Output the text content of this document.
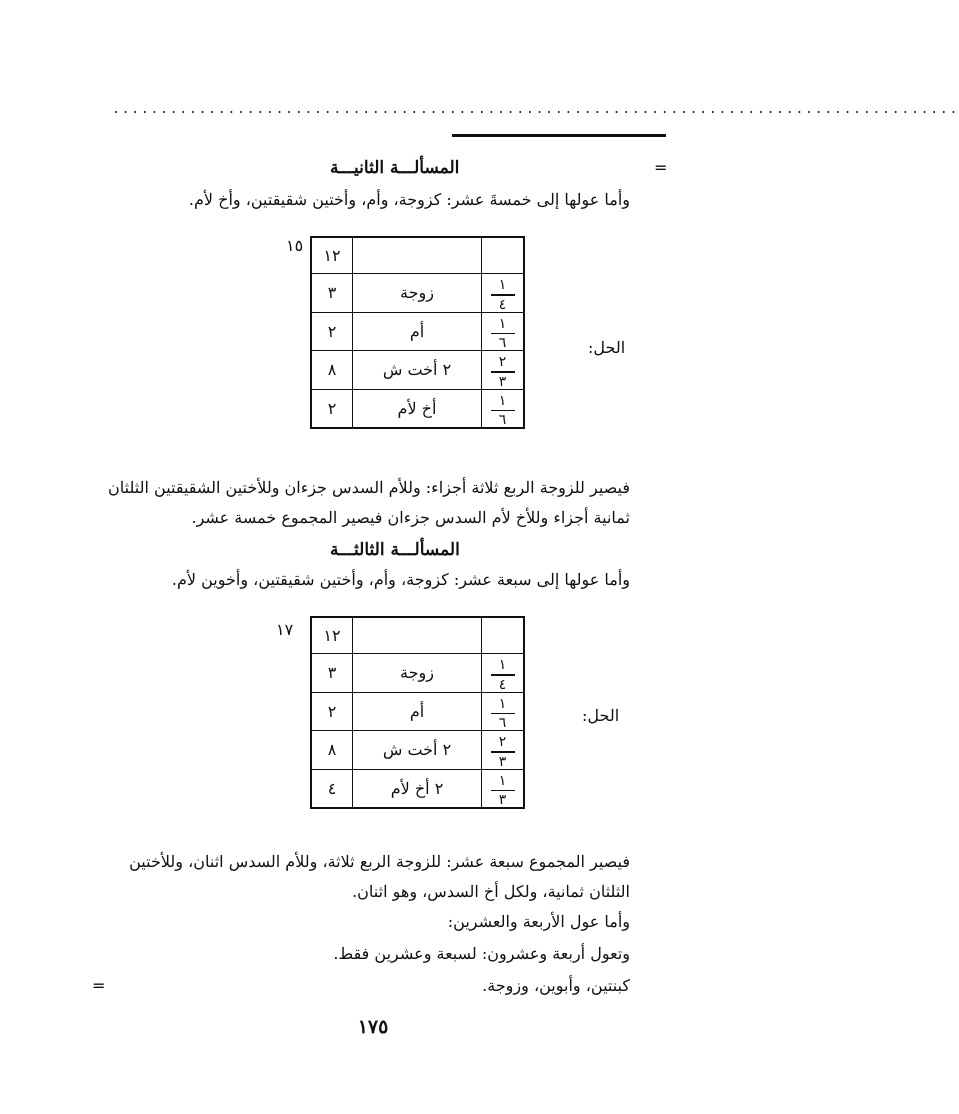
........................................................................................
=
المسألـــة الثانيـــة
وأما عولها إلى خمسةَ عشر: كزوجة، وأم، وأختين شقيقتين، وأخ لأم.
١٥
الحل:
١٢		
٣	زوجة	$\frac{١}{٤}$

٢	أم	$\frac{١}{٦}$

٨	٢ أخت ش	$\frac{٢}{٣}$

٢	أخ لأم	$\frac{١}{٦}$
فيصير للزوجة الربع ثلاثة أجزاء: وللأم السدس جزءان وللأختين الشقيقتين الثلثان
ثمانية أجزاء وللأخ لأم السدس جزءان فيصير المجموع خمسة عشر.
المسألـــة الثالثـــة
وأما عولها إلى سبعة عشر: كزوجة، وأم، وأختين شقيقتين، وأخوين لأم.
١٧
الحل:
١٢		
٣	زوجة	$\frac{١}{٤}$

٢	أم	$\frac{١}{٦}$

٨	٢ أخت ش	$\frac{٢}{٣}$

٤	٢ أخ لأم	$\frac{١}{٣}$
فيصير المجموع سبعة عشر: للزوجة الربع ثلاثة، وللأم السدس اثنان، وللأختين
الثلثان ثمانية، ولكل أخ السدس، وهو اثنان.
وأما عول الأربعة والعشرين:
وتعول أربعة وعشرون: لسبعة وعشرين فقط.
كبنتين، وأبوين، وزوجة.
=
١٧٥
